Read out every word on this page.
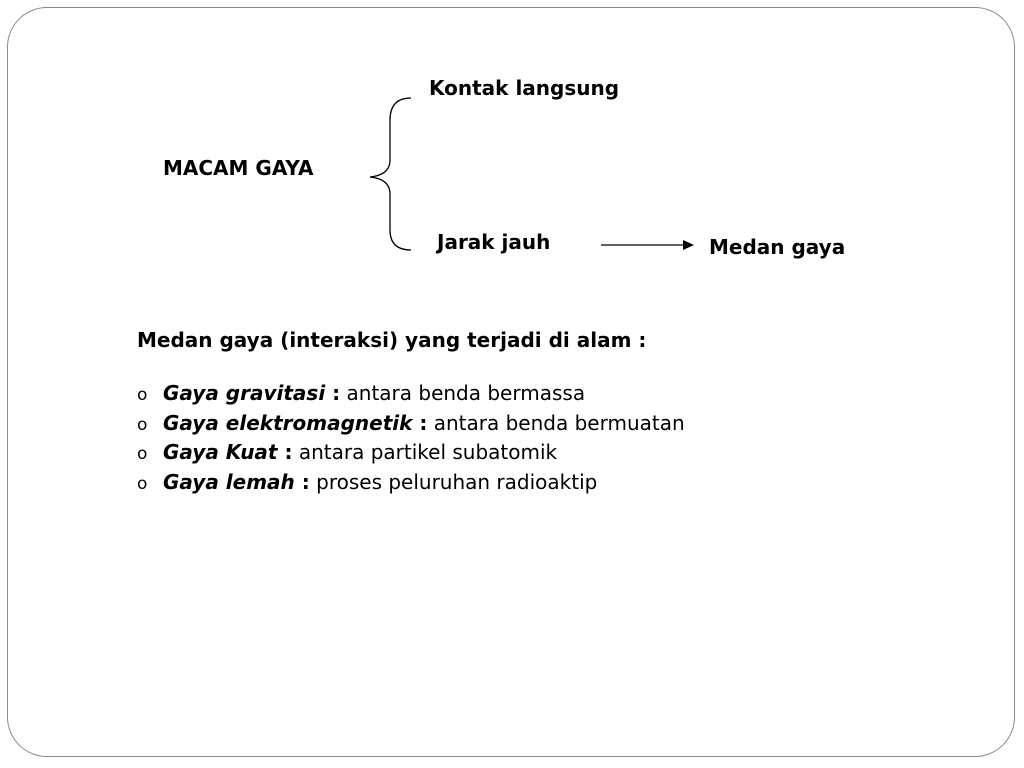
MACAM GAYA
Kontak langsung
Jarak jauh	Medan gaya
Medan gaya (interaksi) yang terjadi di alam :
o Gaya gravitasi : antara benda bermassa
o Gaya elektromagnetik : antara benda bermuatan
o Gaya Kuat : antara partikel subatomik
o Gaya lemah : proses peluruhan radioaktip
